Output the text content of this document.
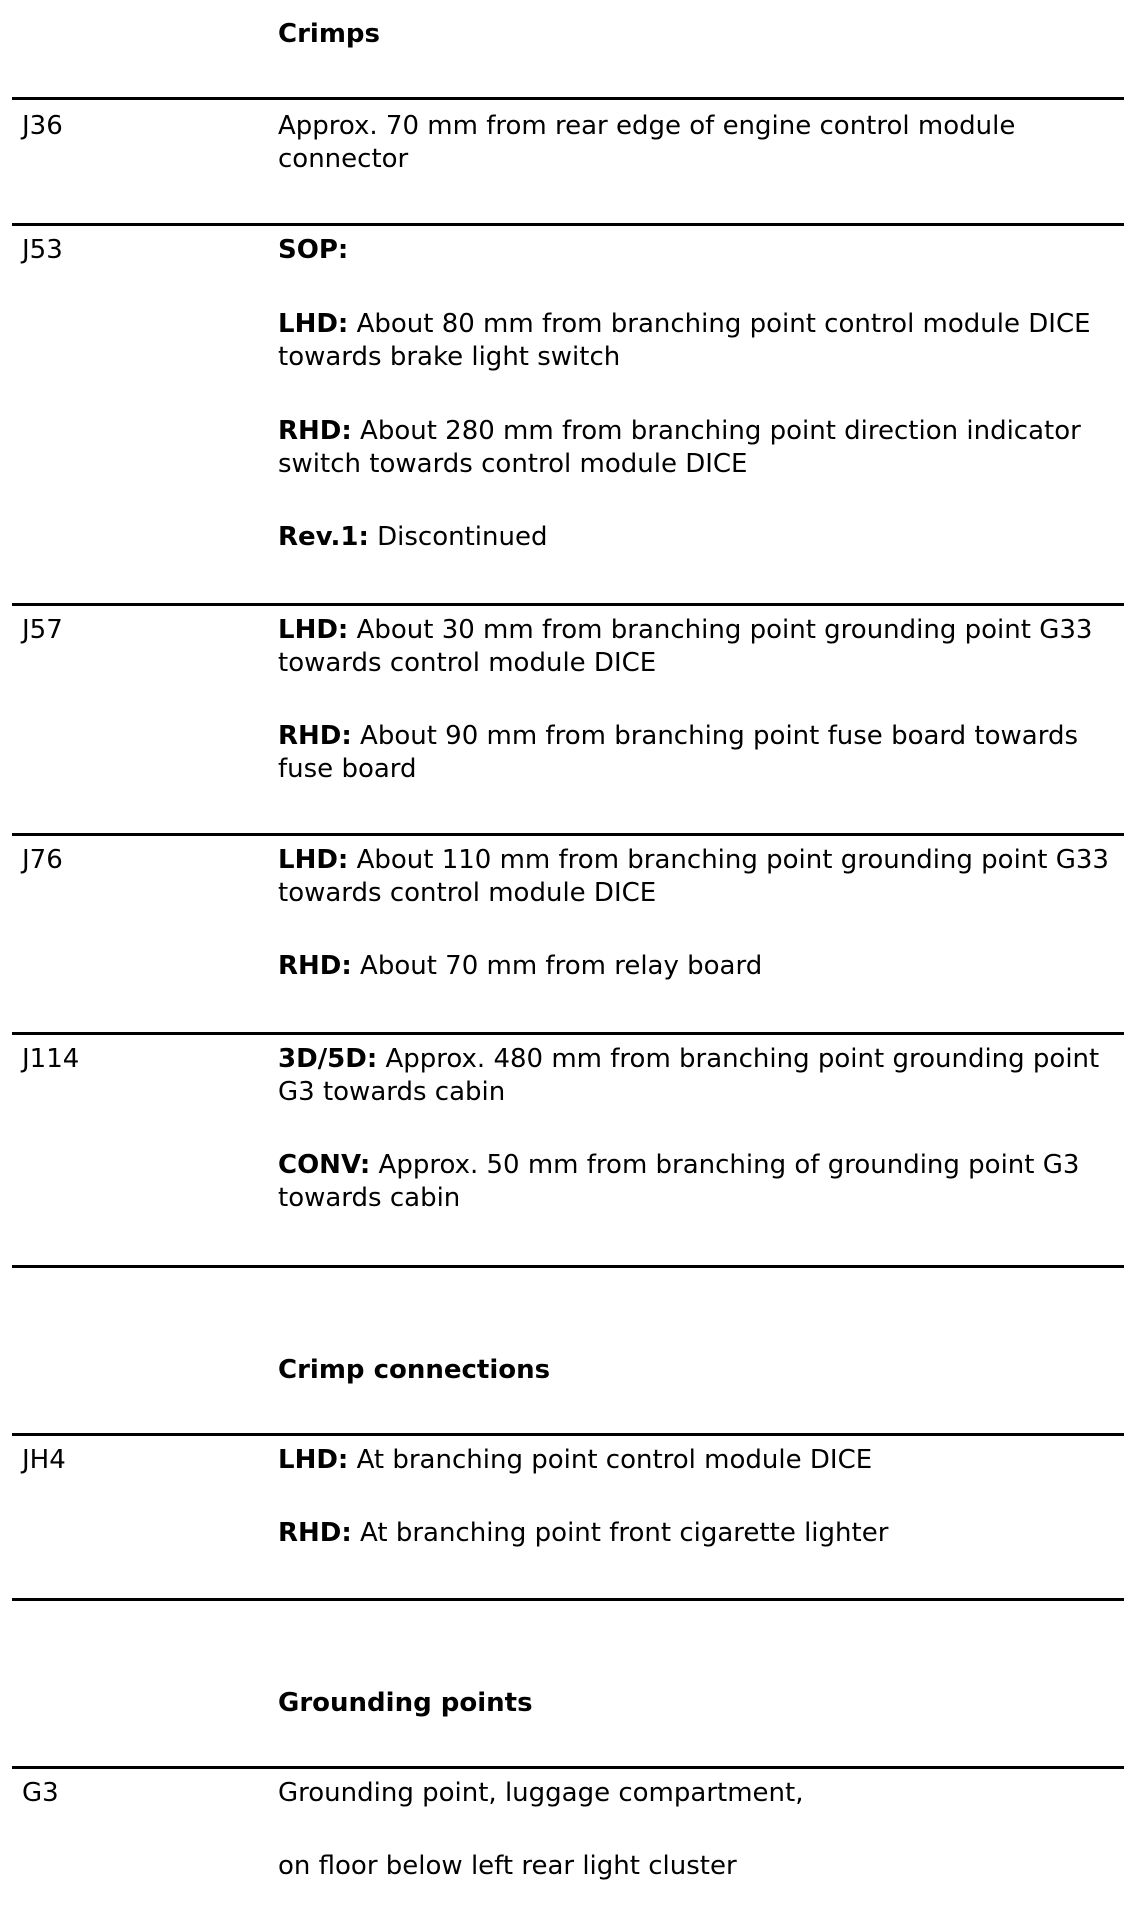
Crimps
J36	Approx. 70 mm from rear edge of engine control module connector
J53	SOP:
LHD: About 80 mm from branching point control module DICE towards brake light switch
RHD: About 280 mm from branching point direction indicator switch towards control module DICE
Rev.1: Discontinued
J57	LHD: About 30 mm from branching point grounding point G33 towards control module DICE
RHD: About 90 mm from branching point fuse board towards fuse board
J76	LHD: About 110 mm from branching point grounding point G33 towards control module DICE
RHD: About 70 mm from relay board
J114	3D/5D: Approx. 480 mm from branching point grounding point G3 towards cabin
CONV: Approx. 50 mm from branching of grounding point G3 towards cabin
Crimp connections
JH4	LHD: At branching point control module DICE
RHD: At branching point front cigarette lighter
Grounding points
G3	Grounding point, luggage compartment,
on floor below left rear light cluster
